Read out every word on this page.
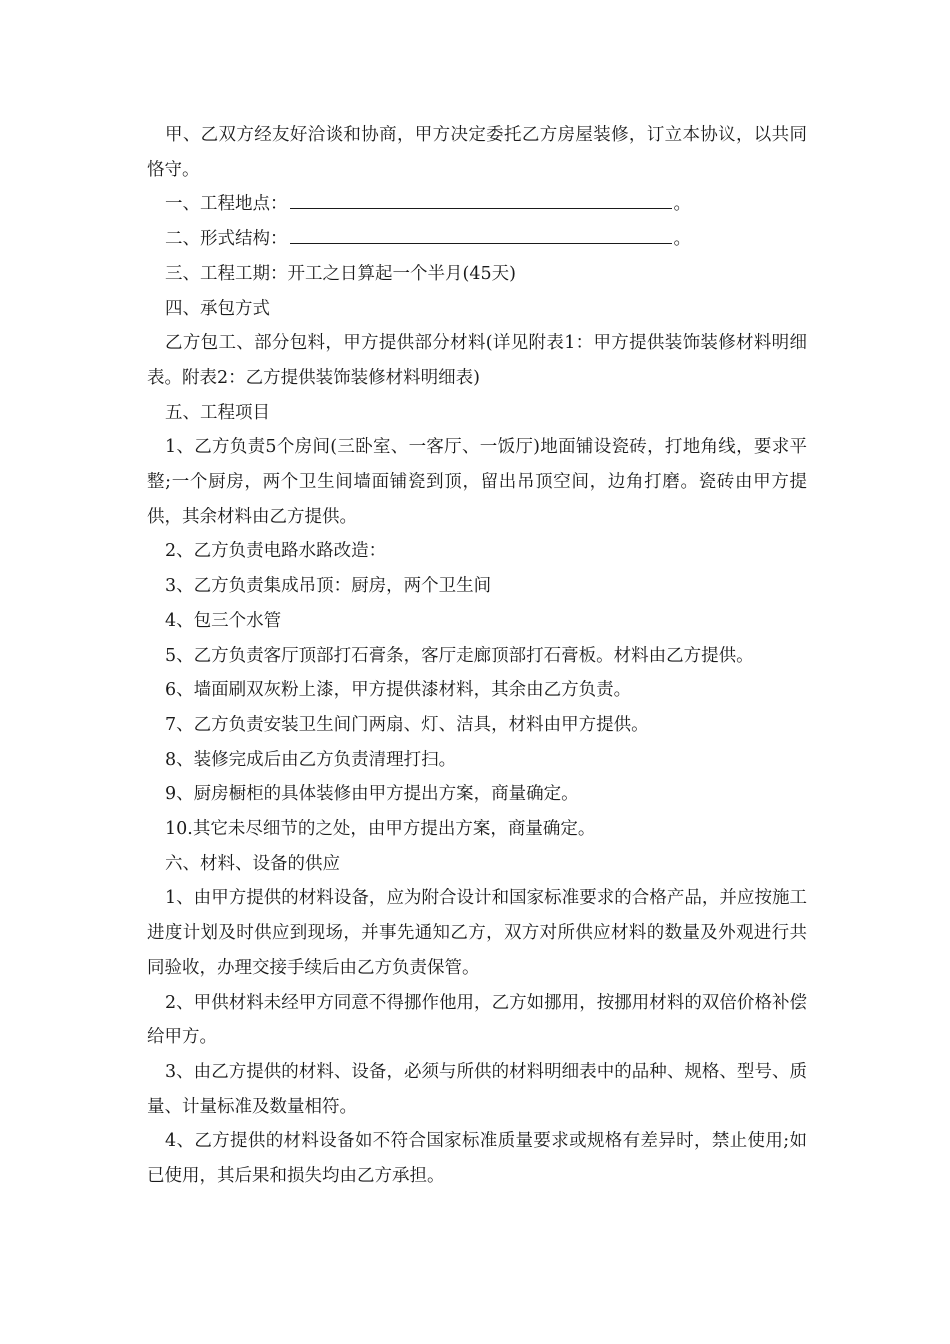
甲、乙双方经友好洽谈和协商，甲方决定委托乙方房屋装修，订立本协议，以共同恪守。

一、工程地点：	。

二、形式结构：	。

三、工程工期：开工之日算起一个半月(45天)

四、承包方式

乙方包工、部分包料，甲方提供部分材料(详见附表1：甲方提供装饰装修材料明细表。附表2：乙方提供装饰装修材料明细表)

五、工程项目

1、乙方负责5个房间(三卧室、一客厅、一饭厅)地面铺设瓷砖，打地角线，要求平整;一个厨房，两个卫生间墙面铺瓷到顶，留出吊顶空间，边角打磨。瓷砖由甲方提供，其余材料由乙方提供。

2、乙方负责电路水路改造：

3、乙方负责集成吊顶：厨房，两个卫生间

4、包三个水管

5、乙方负责客厅顶部打石膏条，客厅走廊顶部打石膏板。材料由乙方提供。

6、墙面刷双灰粉上漆，甲方提供漆材料，其余由乙方负责。

7、乙方负责安装卫生间门两扇、灯、洁具，材料由甲方提供。

8、装修完成后由乙方负责清理打扫。

9、厨房橱柜的具体装修由甲方提出方案，商量确定。

10.其它未尽细节的之处，由甲方提出方案，商量确定。

六、材料、设备的供应

1、由甲方提供的材料设备，应为附合设计和国家标准要求的合格产品，并应按施工进度计划及时供应到现场，并事先通知乙方，双方对所供应材料的数量及外观进行共同验收，办理交接手续后由乙方负责保管。

2、甲供材料未经甲方同意不得挪作他用，乙方如挪用，按挪用材料的双倍价格补偿给甲方。

3、由乙方提供的材料、设备，必须与所供的材料明细表中的品种、规格、型号、质量、计量标准及数量相符。

4、乙方提供的材料设备如不符合国家标准质量要求或规格有差异时，禁止使用;如已使用，其后果和损失均由乙方承担。
